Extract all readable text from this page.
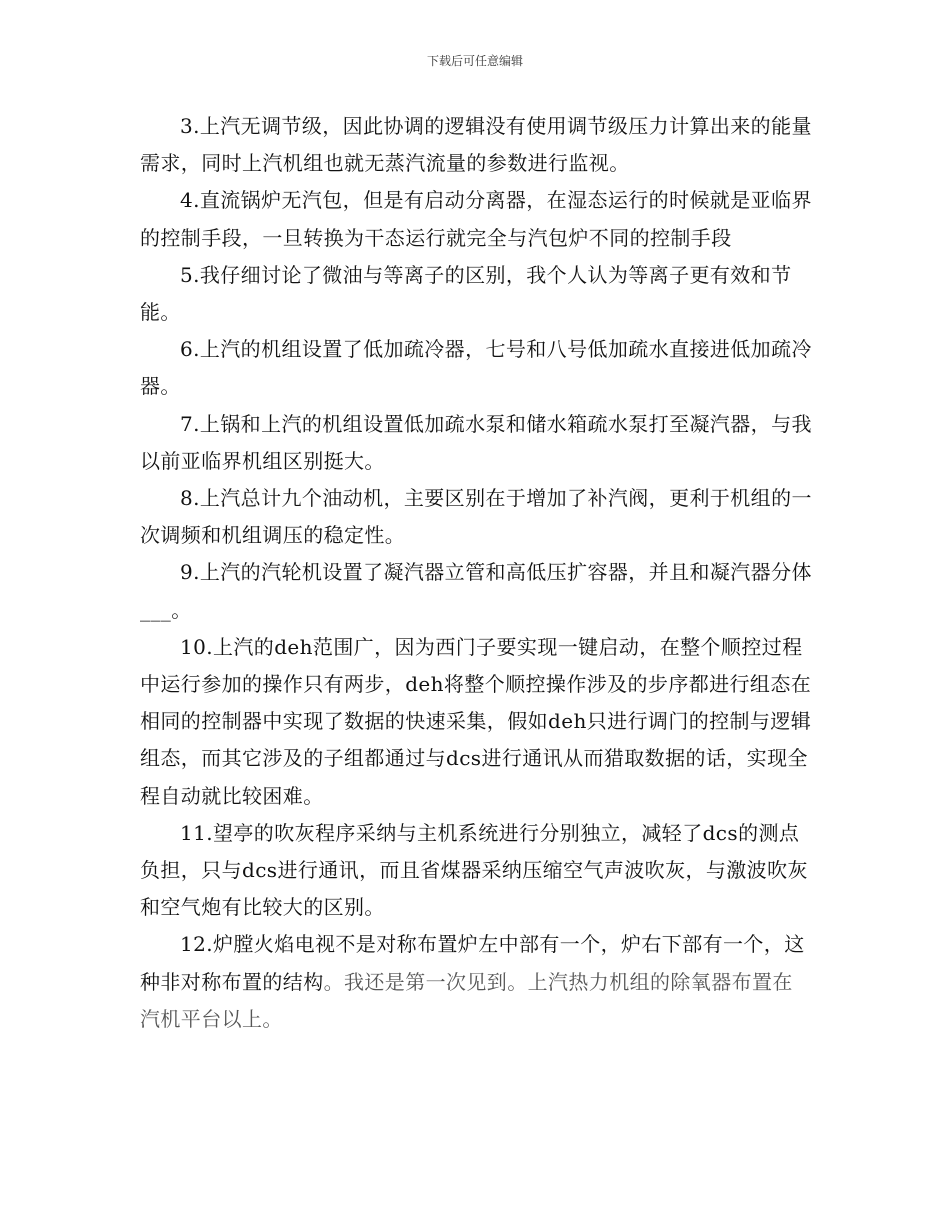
下载后可任意编辑

3.上汽无调节级，因此协调的逻辑没有使用调节级压力计算出来的能量需求，同时上汽机组也就无蒸汽流量的参数进行监视。

4.直流锅炉无汽包，但是有启动分离器，在湿态运行的时候就是亚临界的控制手段，一旦转换为干态运行就完全与汽包炉不同的控制手段

5.我仔细讨论了微油与等离子的区别，我个人认为等离子更有效和节能。

6.上汽的机组设置了低加疏冷器，七号和八号低加疏水直接进低加疏冷器。

7.上锅和上汽的机组设置低加疏水泵和储水箱疏水泵打至凝汽器，与我以前亚临界机组区别挺大。

8.上汽总计九个油动机，主要区别在于增加了补汽阀，更利于机组的一次调频和机组调压的稳定性。

9.上汽的汽轮机设置了凝汽器立管和高低压扩容器，并且和凝汽器分体___。

10.上汽的deh范围广，因为西门子要实现一键启动，在整个顺控过程中运行参加的操作只有两步，deh将整个顺控操作涉及的步序都进行组态在相同的控制器中实现了数据的快速采集，假如deh只进行调门的控制与逻辑组态，而其它涉及的子组都通过与dcs进行通讯从而猎取数据的话，实现全程自动就比较困难。

11.望亭的吹灰程序采纳与主机系统进行分别独立，减轻了dcs的测点负担，只与dcs进行通讯，而且省煤器采纳压缩空气声波吹灰，与激波吹灰和空气炮有比较大的区别。

12.炉膛火焰电视不是对称布置炉左中部有一个，炉右下部有一个，这种非对称布置的结构。我还是第一次见到。上汽热力机组的除氧器布置在汽机平台以上。
